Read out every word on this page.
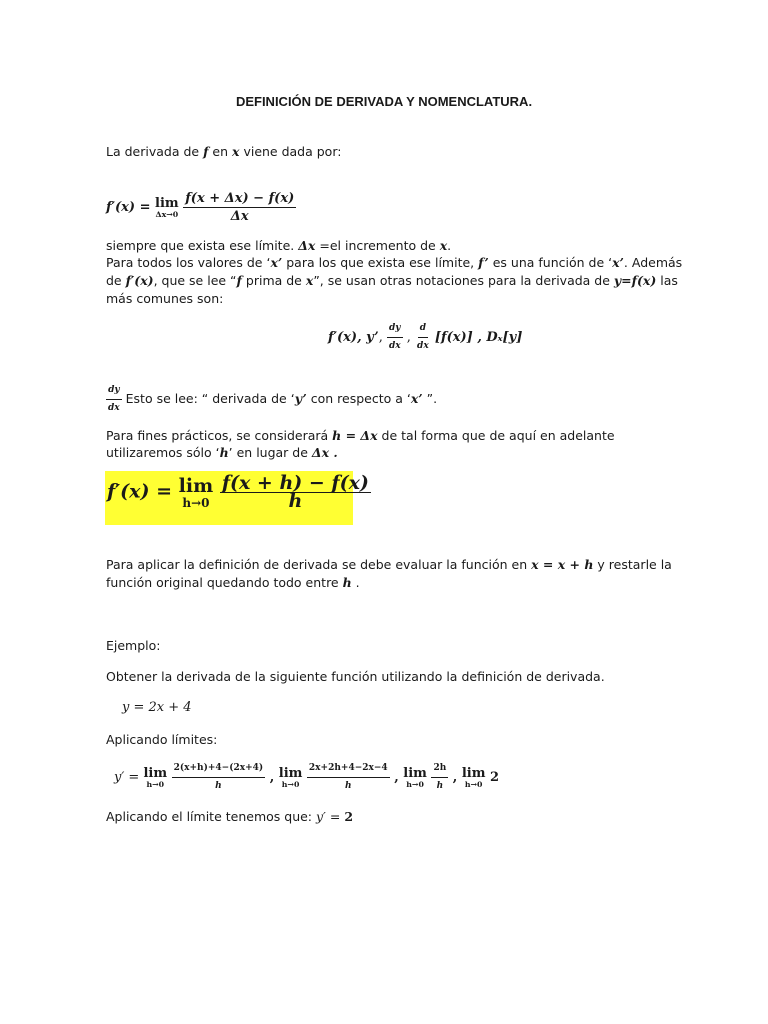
DEFINICIÓN DE DERIVADA Y NOMENCLATURA.
La derivada de f en x viene dada por:
f′(x) = lim
Δx→0
$\frac{f(x + \Delta x) - f(x)}{\Delta x}$
siempre que exista ese límite. Δx =el incremento de x.
Para todos los valores de ‘x’ para los que exista ese límite, f’ es una función de ‘x’. Además
de f′(x), que se lee “f prima de x”, se usan otras notaciones para la derivada de y=f(x) las
más comunes son:
f′(x), y’, $\frac{dy}{dx}$ , $\frac{d}{dx} [f(x)]$ , Dₓ[y]
$\frac{dy}{dx}$ Esto se lee: “ derivada de ‘y’ con respecto a ‘x’ ”.
Para fines prácticos, se considerará h = Δx de tal forma que de aquí en adelante
utilizaremos sólo ‘h’ en lugar de Δx .
f′(x) = lim
h→0
$\frac{f(x + h) - f(x)}{h}$
Para aplicar la definición de derivada se debe evaluar la función en x = x + h y restarle la
función original quedando todo entre h .
Ejemplo:
Obtener la derivada de la siguiente función utilizando la definición de derivada.
y = 2x + 4
Aplicando límites:
y′ = lim
h→0
$\frac{2(x+h)+4-(2x+4)}{h}$ , lim
h→0
$\frac{2x+2h+4-2x-4}{h}$ , lim
h→0
$\frac{2h}{h}$ , lim
h→0 2
Aplicando el límite tenemos que: y′ = 2
